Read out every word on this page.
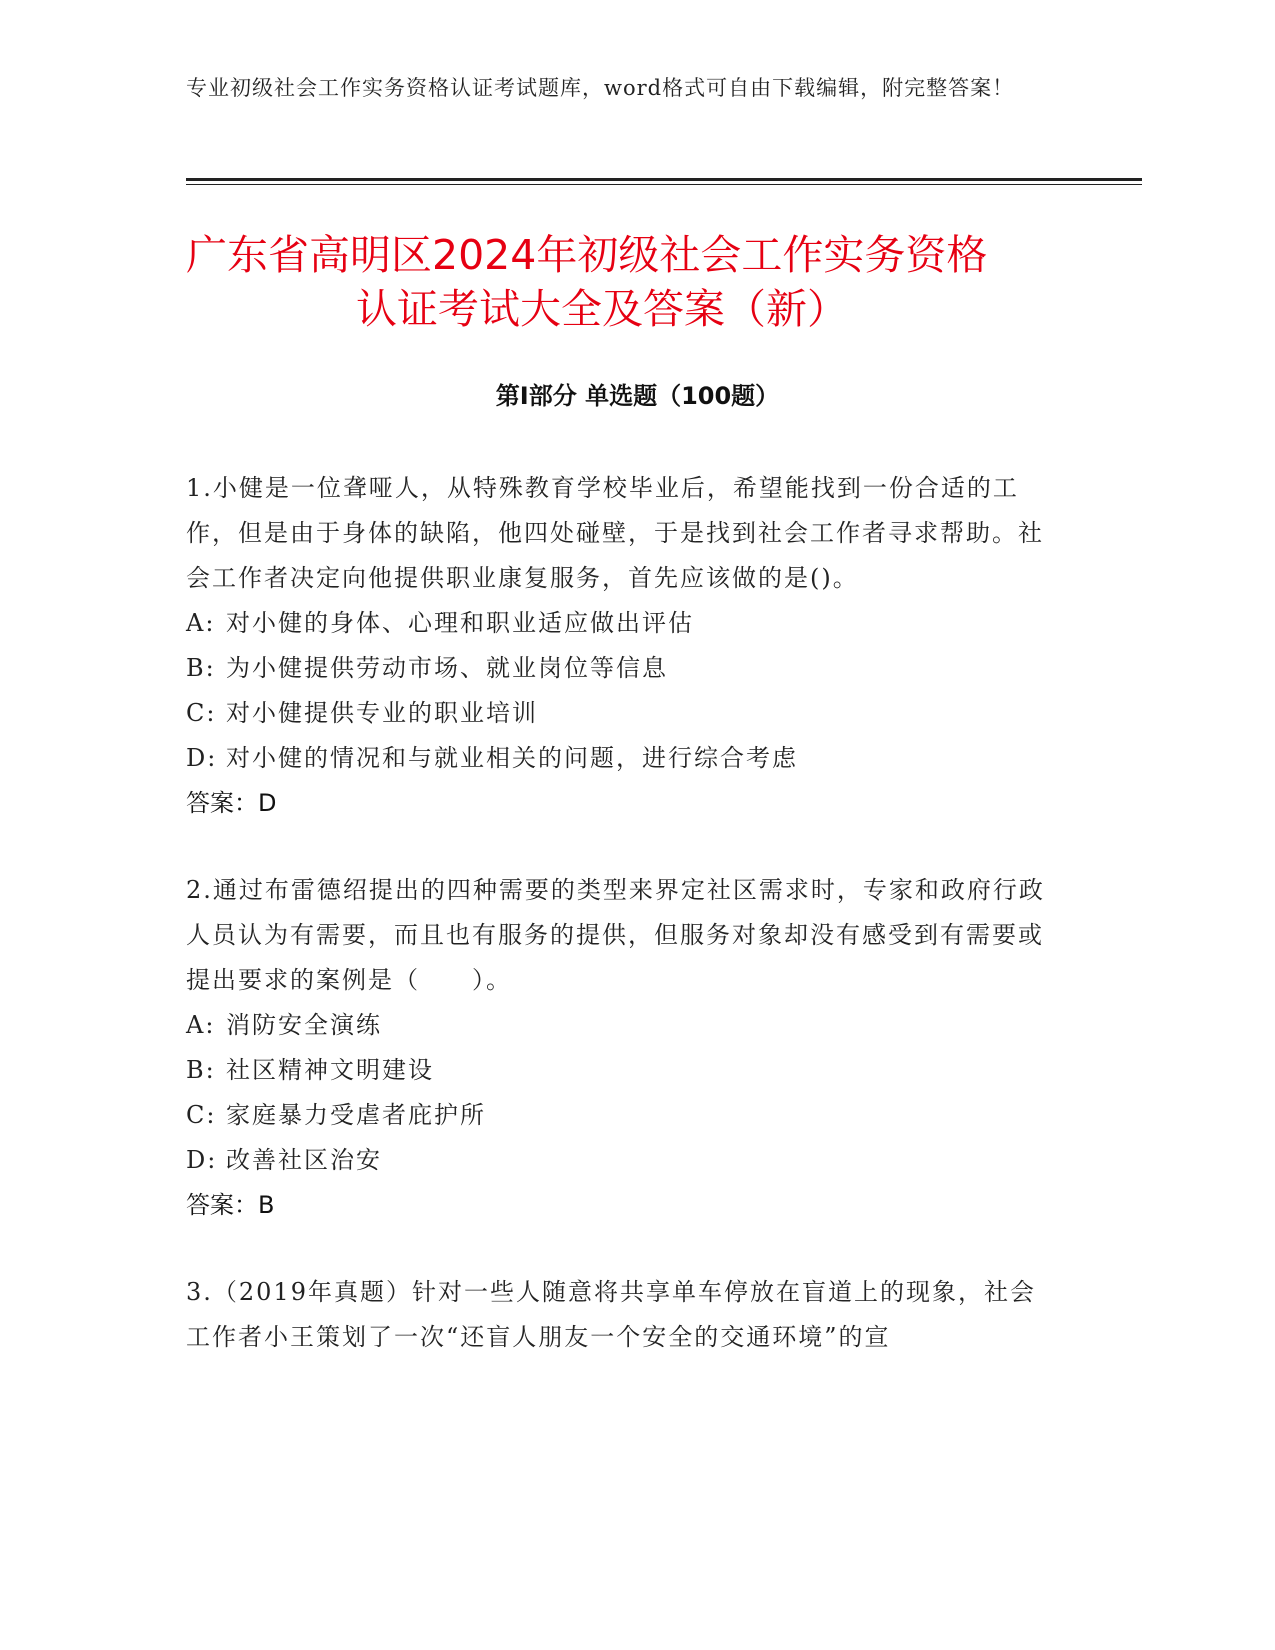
专业初级社会工作实务资格认证考试题库，word格式可自由下载编辑，附完整答案！
广东省高明区2024年初级社会工作实务资格
认证考试大全及答案（新）
第Ⅰ部分 单选题（100题）

1.小健是一位聋哑人，从特殊教育学校毕业后，希望能找到一份合适的工作，但是由于身体的缺陷，他四处碰壁，于是找到社会工作者寻求帮助。社会工作者决定向他提供职业康复服务，首先应该做的是()。

A: 对小健的身体、心理和职业适应做出评估
B: 为小健提供劳动市场、就业岗位等信息
C: 对小健提供专业的职业培训
D: 对小健的情况和与就业相关的问题，进行综合考虑
答案：D

2.通过布雷德绍提出的四种需要的类型来界定社区需求时，专家和政府行政人员认为有需要，而且也有服务的提供，但服务对象却没有感受到有需要或提出要求的案例是（　　）。

A: 消防安全演练
B: 社区精神文明建设
C: 家庭暴力受虐者庇护所
D: 改善社区治安
答案：B

3.（2019年真题）针对一些人随意将共享单车停放在盲道上的现象，社会工作者小王策划了一次“还盲人朋友一个安全的交通环境”的宣
